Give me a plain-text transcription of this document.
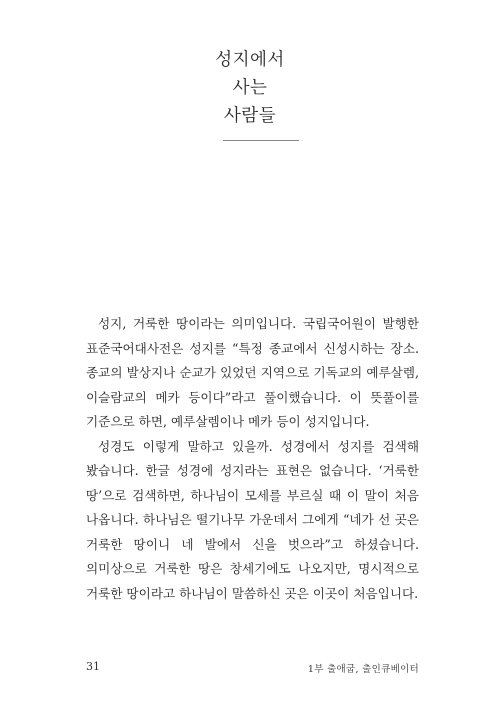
성지에서
사는
사람들

성지, 거룩한 땅이라는 의미입니다. 국립국어원이 발행한 표준국어대사전은 성지를 “특정 종교에서 신성시하는 장소. 종교의 발상지나 순교가 있었던 지역으로 기독교의 예루살렘, 이슬람교의 메카 등이다”라고 풀이했습니다. 이 뜻풀이를 기준으로 하면, 예루살렘이나 메카 등이 성지입니다.

성경도 이렇게 말하고 있을까. 성경에서 성지를 검색해 봤습니다. 한글 성경에 성지라는 표현은 없습니다. ‘거룩한 땅’으로 검색하면, 하나님이 모세를 부르실 때 이 말이 처음 나옵니다. 하나님은 떨기나무 가운데서 그에게 “네가 선 곳은 거룩한 땅이니 네 발에서 신을 벗으라”고 하셨습니다. 의미상으로 거룩한 땅은 창세기에도 나오지만, 명시적으로 거룩한 땅이라고 하나님이 말씀하신 곳은 이곳이 처음입니다.

31	1부 출애굽, 출인큐베이터
